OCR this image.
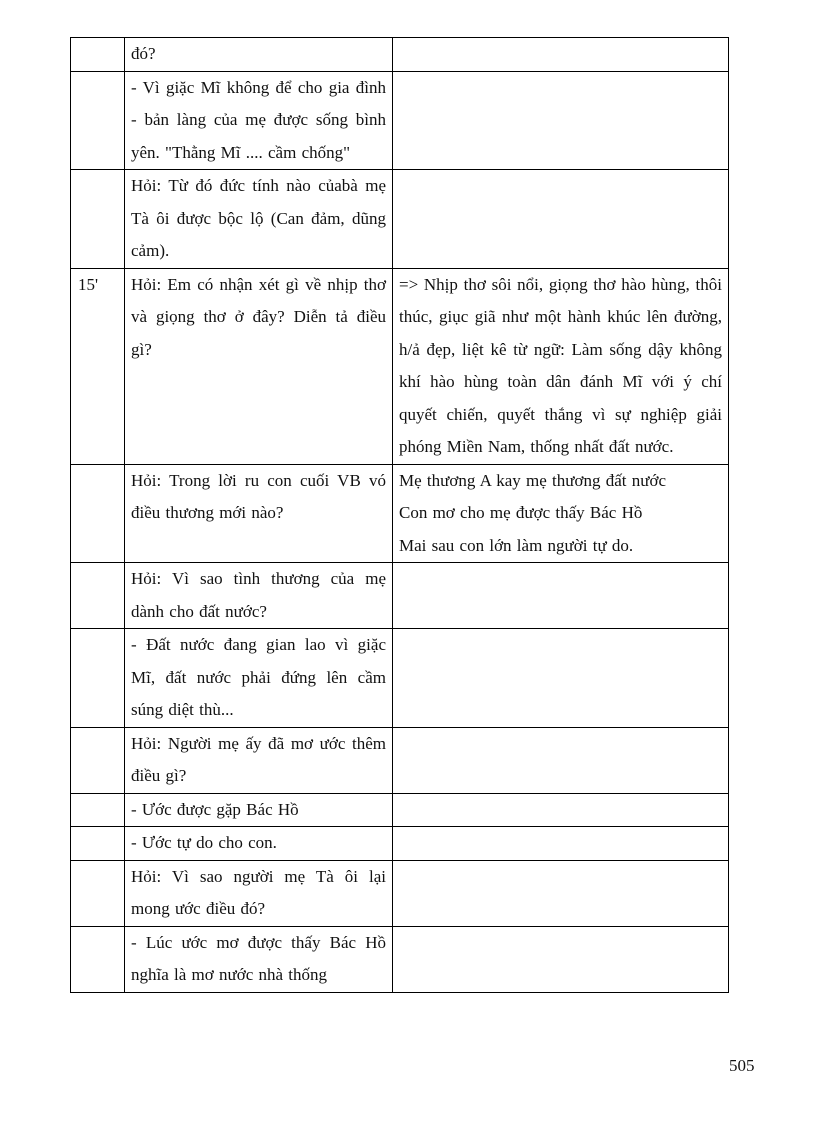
	đó?	
	- Vì giặc Mĩ không để cho gia đình - bản làng của mẹ được sống bình yên. "Thằng Mĩ .... cầm chống"	
	Hỏi: Từ đó đức tính nào củabà mẹ Tà ôi được bộc lộ (Can đảm, dũng cảm).	
15'	Hỏi: Em có nhận xét gì về nhịp thơ và giọng thơ ở đây? Diễn tả điều gì?	=> Nhịp thơ sôi nổi, giọng thơ hào hùng, thôi thúc, giục giã như một hành khúc lên đường, h/ả đẹp, liệt kê từ ngữ: Làm sống dậy không khí hào hùng toàn dân đánh Mĩ với ý chí quyết chiến, quyết thắng vì sự nghiệp giải phóng Miền Nam, thống nhất đất nước.

	Hỏi: Trong lời ru con cuối VB vó điều thương mới nào?	Mẹ thương A kay mẹ thương đất nước
Con mơ cho mẹ được thấy Bác Hồ
Mai sau con lớn làm người tự do.

	Hỏi: Vì sao tình thương của mẹ dành cho đất nước?	
	- Đất nước đang gian lao vì giặc Mĩ, đất nước phải đứng lên cầm súng diệt thù...	
	Hỏi: Người mẹ ấy đã mơ ước thêm điều gì?	
	- Ước được gặp Bác Hồ	
	- Ước tự do cho con.	
	Hỏi: Vì sao người mẹ Tà ôi lại mong ước điều đó?	
	- Lúc ước mơ được thấy Bác Hồ nghĩa là mơ nước nhà thống	
505
